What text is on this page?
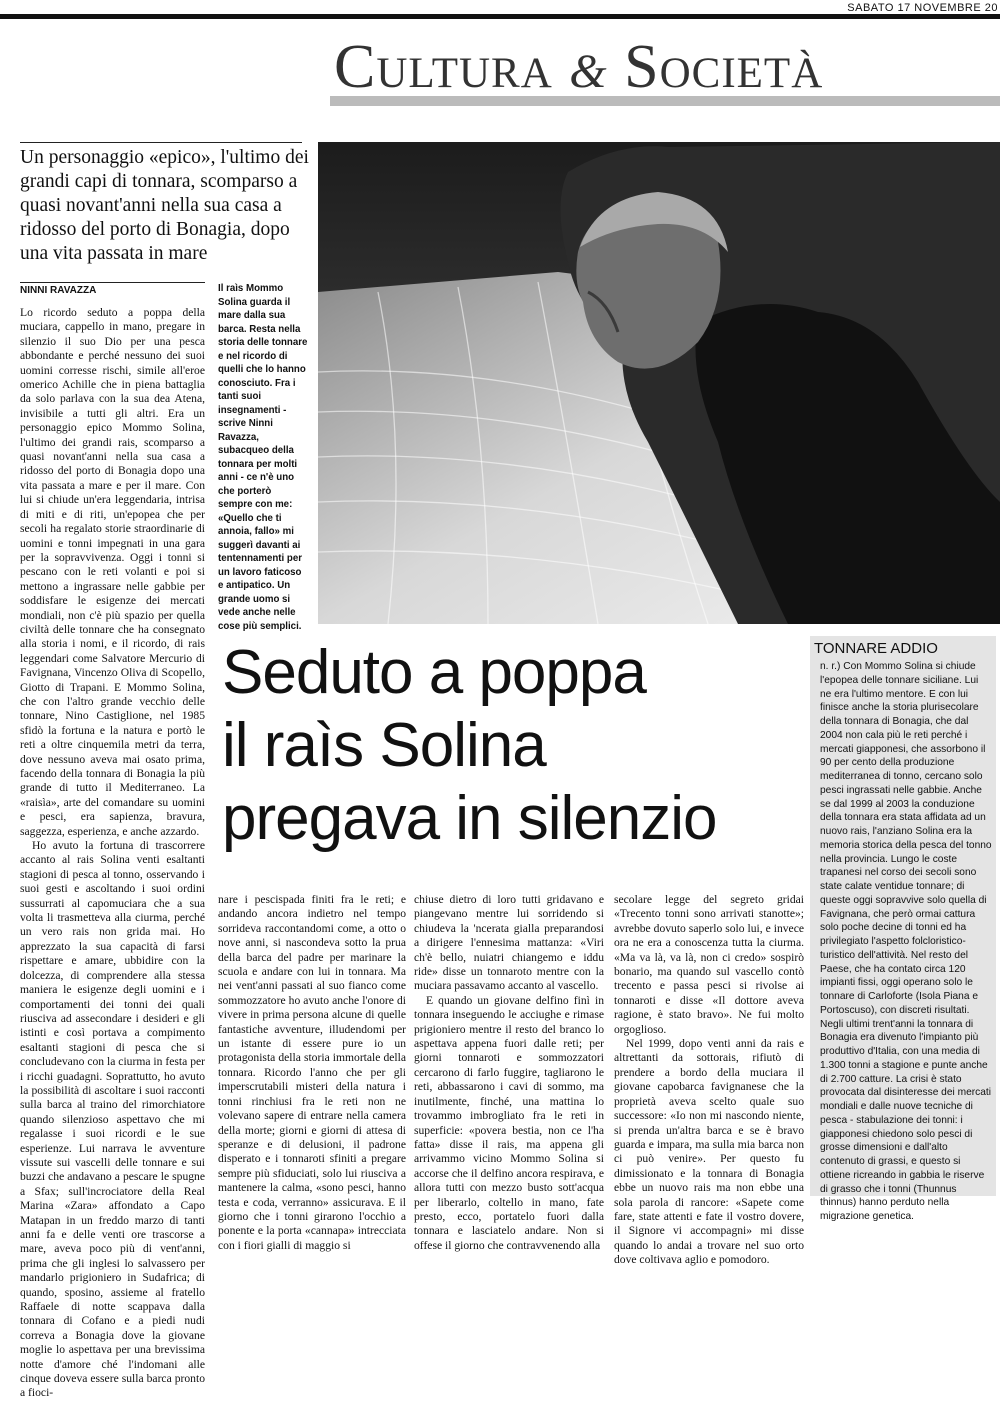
SABATO 17 NOVEMBRE 20
Cultura & Società
Un personaggio «epico», l'ultimo dei grandi capi di tonnara, scomparso a quasi novant'anni nella sua casa a ridosso del porto di Bonagia, dopo una vita passata in mare
NINNI RAVAZZA

Lo ricordo seduto a poppa della muciara, cappello in mano, pregare in silenzio il suo Dio per una pesca abbondante e perché nessuno dei suoi uomini corresse rischi, simile all'eroe omerico Achille che in piena battaglia da solo parlava con la sua dea Atena, invisibile a tutti gli altri. Era un personaggio epico Mommo Solina, l'ultimo dei grandi rais, scomparso a quasi novant'anni nella sua casa a ridosso del porto di Bonagia dopo una vita passata a mare e per il mare. Con lui si chiude un'era leggendaria, intrisa di miti e di riti, un'epopea che per secoli ha regalato storie straordinarie di uomini e tonni impegnati in una gara per la sopravvivenza. Oggi i tonni si pescano con le reti volanti e poi si mettono a ingrassare nelle gabbie per soddisfare le esigenze dei mercati mondiali, non c'è più spazio per quella civiltà delle tonnare che ha consegnato alla storia i nomi, e il ricordo, di rais leggendari come Salvatore Mercurio di Favignana, Vincenzo Oliva di Scopello, Giotto di Trapani. E Mommo Solina, che con l'altro grande vecchio delle tonnare, Nino Castiglione, nel 1985 sfidò la fortuna e la natura e portò le reti a oltre cinquemila metri da terra, dove nessuno aveva mai osato prima, facendo della tonnara di Bonagia la più grande di tutto il Mediterraneo. La «raisìa», arte del comandare su uomini e pesci, era sapienza, bravura, saggezza, esperienza, e anche azzardo.

Ho avuto la fortuna di trascorrere accanto al rais Solina venti esaltanti stagioni di pesca al tonno, osservando i suoi gesti e ascoltando i suoi ordini sussurrati al capomuciara che a sua volta li trasmetteva alla ciurma, perché un vero rais non grida mai. Ho apprezzato la sua capacità di farsi rispettare e amare, ubbidire con la dolcezza, di comprendere alla stessa maniera le esigenze degli uomini e i comportamenti dei tonni dei quali riusciva ad assecondare i desideri e gli istinti e così portava a compimento esaltanti stagioni di pesca che si concludevano con la ciurma in festa per i ricchi guadagni. Soprattutto, ho avuto la possibilità di ascoltare i suoi racconti sulla barca al traino del rimorchiatore quando silenzioso aspettavo che mi regalasse i suoi ricordi e le sue esperienze. Lui narrava le avventure vissute sui vascelli delle tonnare e sui buzzi che andavano a pescare le spugne a Sfax; sull'incrociatore della Real Marina «Zara» affondato a Capo Matapan in un freddo marzo di tanti anni fa e delle venti ore trascorse a mare, aveva poco più di vent'anni, prima che gli inglesi lo salvassero per mandarlo prigioniero in Sudafrica; di quando, sposino, assieme al fratello Raffaele di notte scappava dalla tonnara di Cofano e a piedi nudi correva a Bonagia dove la giovane moglie lo aspettava per una brevissima notte d'amore ché l'indomani alle cinque doveva essere sulla barca pronto a fioci-

Il raìs Mommo Solina guarda il mare dalla sua barca. Resta nella storia delle tonnare e nel ricordo di quelli che lo hanno conosciuto. Fra i tanti suoi insegnamenti - scrive Ninni Ravazza, subacqueo della tonnara per molti anni - ce n'è uno che porterò sempre con me: «Quello che ti annoia, fallo» mi suggerì davanti ai tentennamenti per un lavoro faticoso e antipatico. Un grande uomo si vede anche nelle cose più semplici.
Seduto a poppa
il raìs Solina
pregava in silenzio

nare i pescispada finiti fra le reti; e andando ancora indietro nel tempo sorrideva raccontandomi come, a otto o nove anni, si nascondeva sotto la prua della barca del padre per marinare la scuola e andare con lui in tonnara. Ma nei vent'anni passati al suo fianco come sommozzatore ho avuto anche l'onore di vivere in prima persona alcune di quelle fantastiche avventure, illudendomi per un istante di essere pure io un protagonista della storia immortale della tonnara. Ricordo l'anno che per gli imperscrutabili misteri della natura i tonni rinchiusi fra le reti non ne volevano sapere di entrare nella camera della morte; giorni e giorni di attesa di speranze e di delusioni, il padrone disperato e i tonnaroti sfiniti a pregare sempre più sfiduciati, solo lui riusciva a mantenere la calma, «sono pesci, hanno testa e coda, verranno» assicurava. E il giorno che i tonni girarono l'occhio a ponente e la porta «cannapa» intrecciata con i fiori gialli di maggio si

chiuse dietro di loro tutti gridavano e piangevano mentre lui sorridendo si chiudeva la 'ncerata gialla preparandosi a dirigere l'ennesima mattanza: «Viri ch'è bello, nuiatri chiangemo e iddu ride» disse un tonnaroto mentre con la muciara passavamo accanto al vascello.

E quando un giovane delfino finì in tonnara inseguendo le acciughe e rimase prigioniero mentre il resto del branco lo aspettava appena fuori dalle reti; per giorni tonnaroti e sommozzatori cercarono di farlo fuggire, tagliarono le reti, abbassarono i cavi di sommo, ma inutilmente, finché, una mattina lo trovammo imbrogliato fra le reti in superficie: «povera bestia, non ce l'ha fatta» disse il rais, ma appena gli arrivammo vicino Mommo Solina si accorse che il delfino ancora respirava, e allora tutti con mezzo busto sott'acqua per liberarlo, coltello in mano, fate presto, ecco, portatelo fuori dalla tonnara e lasciatelo andare. Non si offese il giorno che contravvenendo alla

secolare legge del segreto gridai «Trecento tonni sono arrivati stanotte»; avrebbe dovuto saperlo solo lui, e invece ora ne era a conoscenza tutta la ciurma. «Ma va là, va là, non ci credo» sospirò bonario, ma quando sul vascello contò trecento e passa pesci si rivolse ai tonnaroti e disse «Il dottore aveva ragione, è stato bravo». Ne fui molto orgoglioso.

Nel 1999, dopo venti anni da rais e altrettanti da sottorais, rifiutò di prendere a bordo della muciara il giovane capobarca favignanese che la proprietà aveva scelto quale suo successore: «Io non mi nascondo niente, si prenda un'altra barca e se è bravo guarda e impara, ma sulla mia barca non ci può venire». Per questo fu dimissionato e la tonnara di Bonagia ebbe un nuovo rais ma non ebbe una sola parola di rancore: «Sapete come fare, state attenti e fate il vostro dovere, il Signore vi accompagni» mi disse quando lo andai a trovare nel suo orto dove coltivava aglio e pomodoro.

TONNARE ADDIO
n. r.) Con Mommo Solina si chiude l'epopea delle tonnare siciliane. Lui ne era l'ultimo mentore. E con lui finisce anche la storia plurisecolare della tonnara di Bonagia, che dal 2004 non cala più le reti perché i mercati giapponesi, che assorbono il 90 per cento della produzione mediterranea di tonno, cercano solo pesci ingrassati nelle gabbie. Anche se dal 1999 al 2003 la conduzione della tonnara era stata affidata ad un nuovo rais, l'anziano Solina era la memoria storica della pesca del tonno nella provincia. Lungo le coste trapanesi nel corso dei secoli sono state calate ventidue tonnare; di queste oggi sopravvive solo quella di Favignana, che però ormai cattura solo poche decine di tonni ed ha privilegiato l'aspetto folcloristico-turistico dell'attività. Nel resto del Paese, che ha contato circa 120 impianti fissi, oggi operano solo le tonnare di Carloforte (Isola Piana e Portoscuso), con discreti risultati. Negli ultimi trent'anni la tonnara di Bonagia era divenuto l'impianto più produttivo d'Italia, con una media di 1.300 tonni a stagione e punte anche di 2.700 catture. La crisi è stato provocata dal disinteresse dei mercati mondiali e dalle nuove tecniche di pesca - stabulazione dei tonni: i giapponesi chiedono solo pesci di grosse dimensioni e dall'alto contenuto di grassi, e questo si ottiene ricreando in gabbia le riserve di grasso che i tonni (Thunnus thinnus) hanno perduto nella migrazione genetica.
